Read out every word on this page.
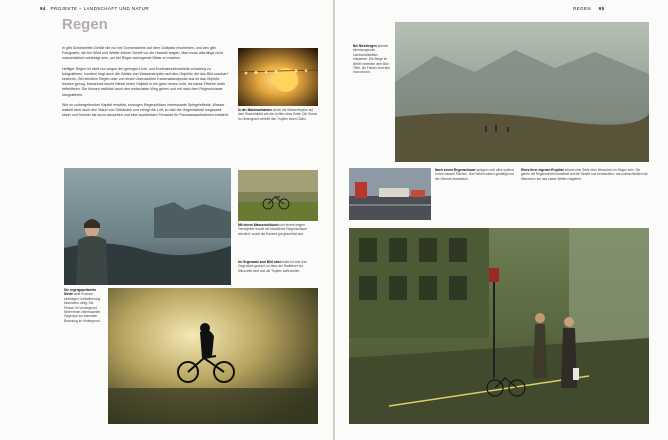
94 PROJEKTE – LANDSCHAFT UND NATUR
Regen

In gibt Schönwetter-Gefüle die nur bei Sonnenschein auf dem Golfplatz erscheinen, und den gibt Fotografen, die bei Wind und Wetter keinen Schritt vor die Haustür wagen. Man muss allerdings nicht masochistisch veranlagt sein, um bei Regen aufregende Bilder zu machen.

Heftiger Regen ist nicht nur wegen der geringen Licht- und Kontrastunterschiede schwierig zu fotografieren, sondern birgt auch die Gefahr von Wasserströpfen auf dem Objektiv, die das Bild unscharf zeichnen. Bei leichtem Regen oder von einem überdachten Kamerastandpunkt aus ist das Objektiv trocken genug. Manchmal taucht Niesel einen Objekte in ein ganz neues Licht, da nasse Flächen stark reflektieren. Sie können natürlich auch den einfachsten Weg gehen und mit nach dem Regenschauer fotografieren.

Wie im vorhergehenden Kapitel erwähnt, erzeugen Regenpfützen interessante Spiegeleffekte. Wasser wäscht aber auch den Staub von Gebäuden und reinigt die Luft, so daß die Gegenstände insgesamt klarer und frischer als zuvor aussehen und eine wunderbare Fernsicht für Panoramaaufnahmen entsteht.

In der Makroaufnahme sitzen die Wassertropfen auf dem Stacheldraht wie die Lichter einer Kette. Die Sonne im Hintergrund verleiht den Tropfen einen Glanz.
Mit einem Wasserschlauch und einem langen Teleobjektiv wurde ein künstlicher Regenschauer simuliert, wobei die Kamera gut geschützt war.
Im Gegensatz zum Bild oben habe ich hier das Gegenlicht genutzt, so dass der Radfahrer zur Silhouette wird und die Tropfen aufleuchten.
Die regengepeitschte Küste wirkt in dieser eintönigen Lichtstimmung besonders ruhig. Die Person im Vordergrund bildet einen interessanten Gegenpol zur tosenden Brandung im Hintergrund.
REGEN 95
Bei Nieselregen können stimmungsvolle Landschaftsbilder entstehen. Die Berge im Nebel verleihen dem Bild Tiefe, die Farben sind fast monochrom.
Nach einem Regenschauer spiegeln sich alles optimal in den nassen Flächen. Die Farben wirken gesättigt und der Himmel dramatisch.
Eines ihrer eigenen Projekte könnte eine Serie über Menschen im Regen sein. Sie gehen mit Regenschirm bewaffnet auf die Straße und beobachten, wie unterschiedlich die Menschen auf das nasse Wetter reagieren.
